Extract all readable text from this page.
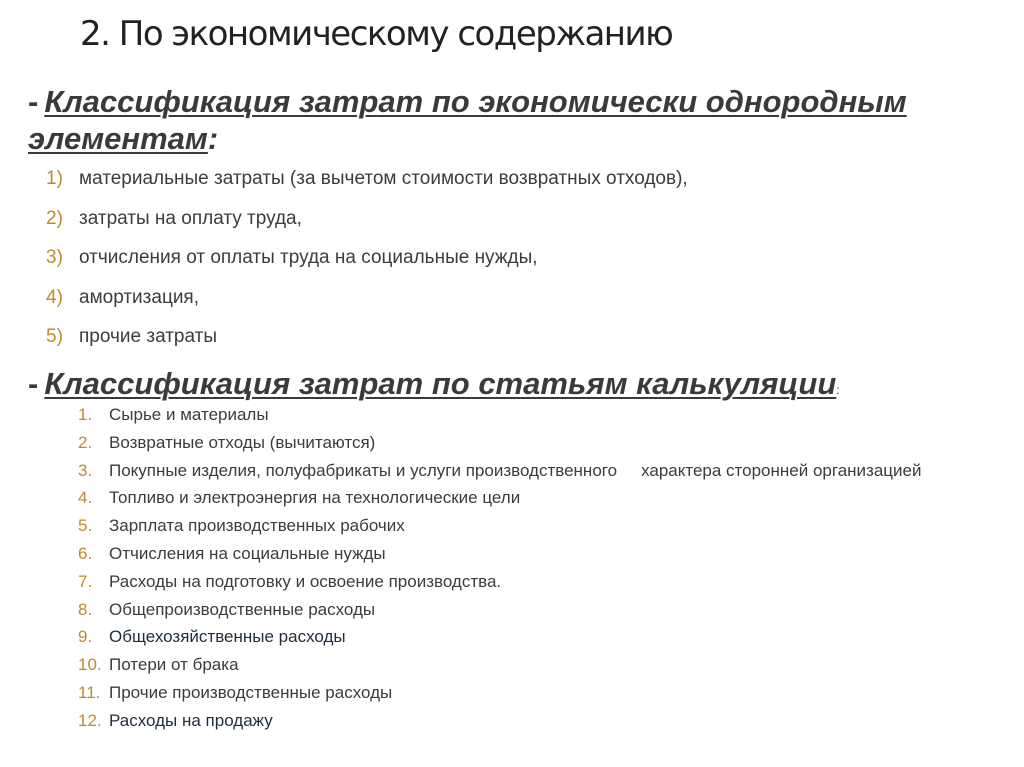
2. По экономическому содержанию
- Классификация затрат по экономически однородным элементам:
1) материальные затраты (за вычетом стоимости возвратных отходов),
2) затраты на оплату труда,
3) отчисления от оплаты труда на социальные нужды,
4) амортизация,
5) прочие затраты
- Классификация затрат по статьям калькуляции:
1. Сырье и материалы
2. Возвратные отходы (вычитаются)
3. Покупные изделия, полуфабрикаты и услуги производственного характера сторонней организацией
4. Топливо и электроэнергия на технологические цели
5. Зарплата производственных рабочих
6. Отчисления на социальные нужды
7. Расходы на подготовку и освоение производства.
8. Общепроизводственные расходы
9. Общехозяйственные расходы
10. Потери от брака
11. Прочие производственные расходы
12. Расходы на продажу
